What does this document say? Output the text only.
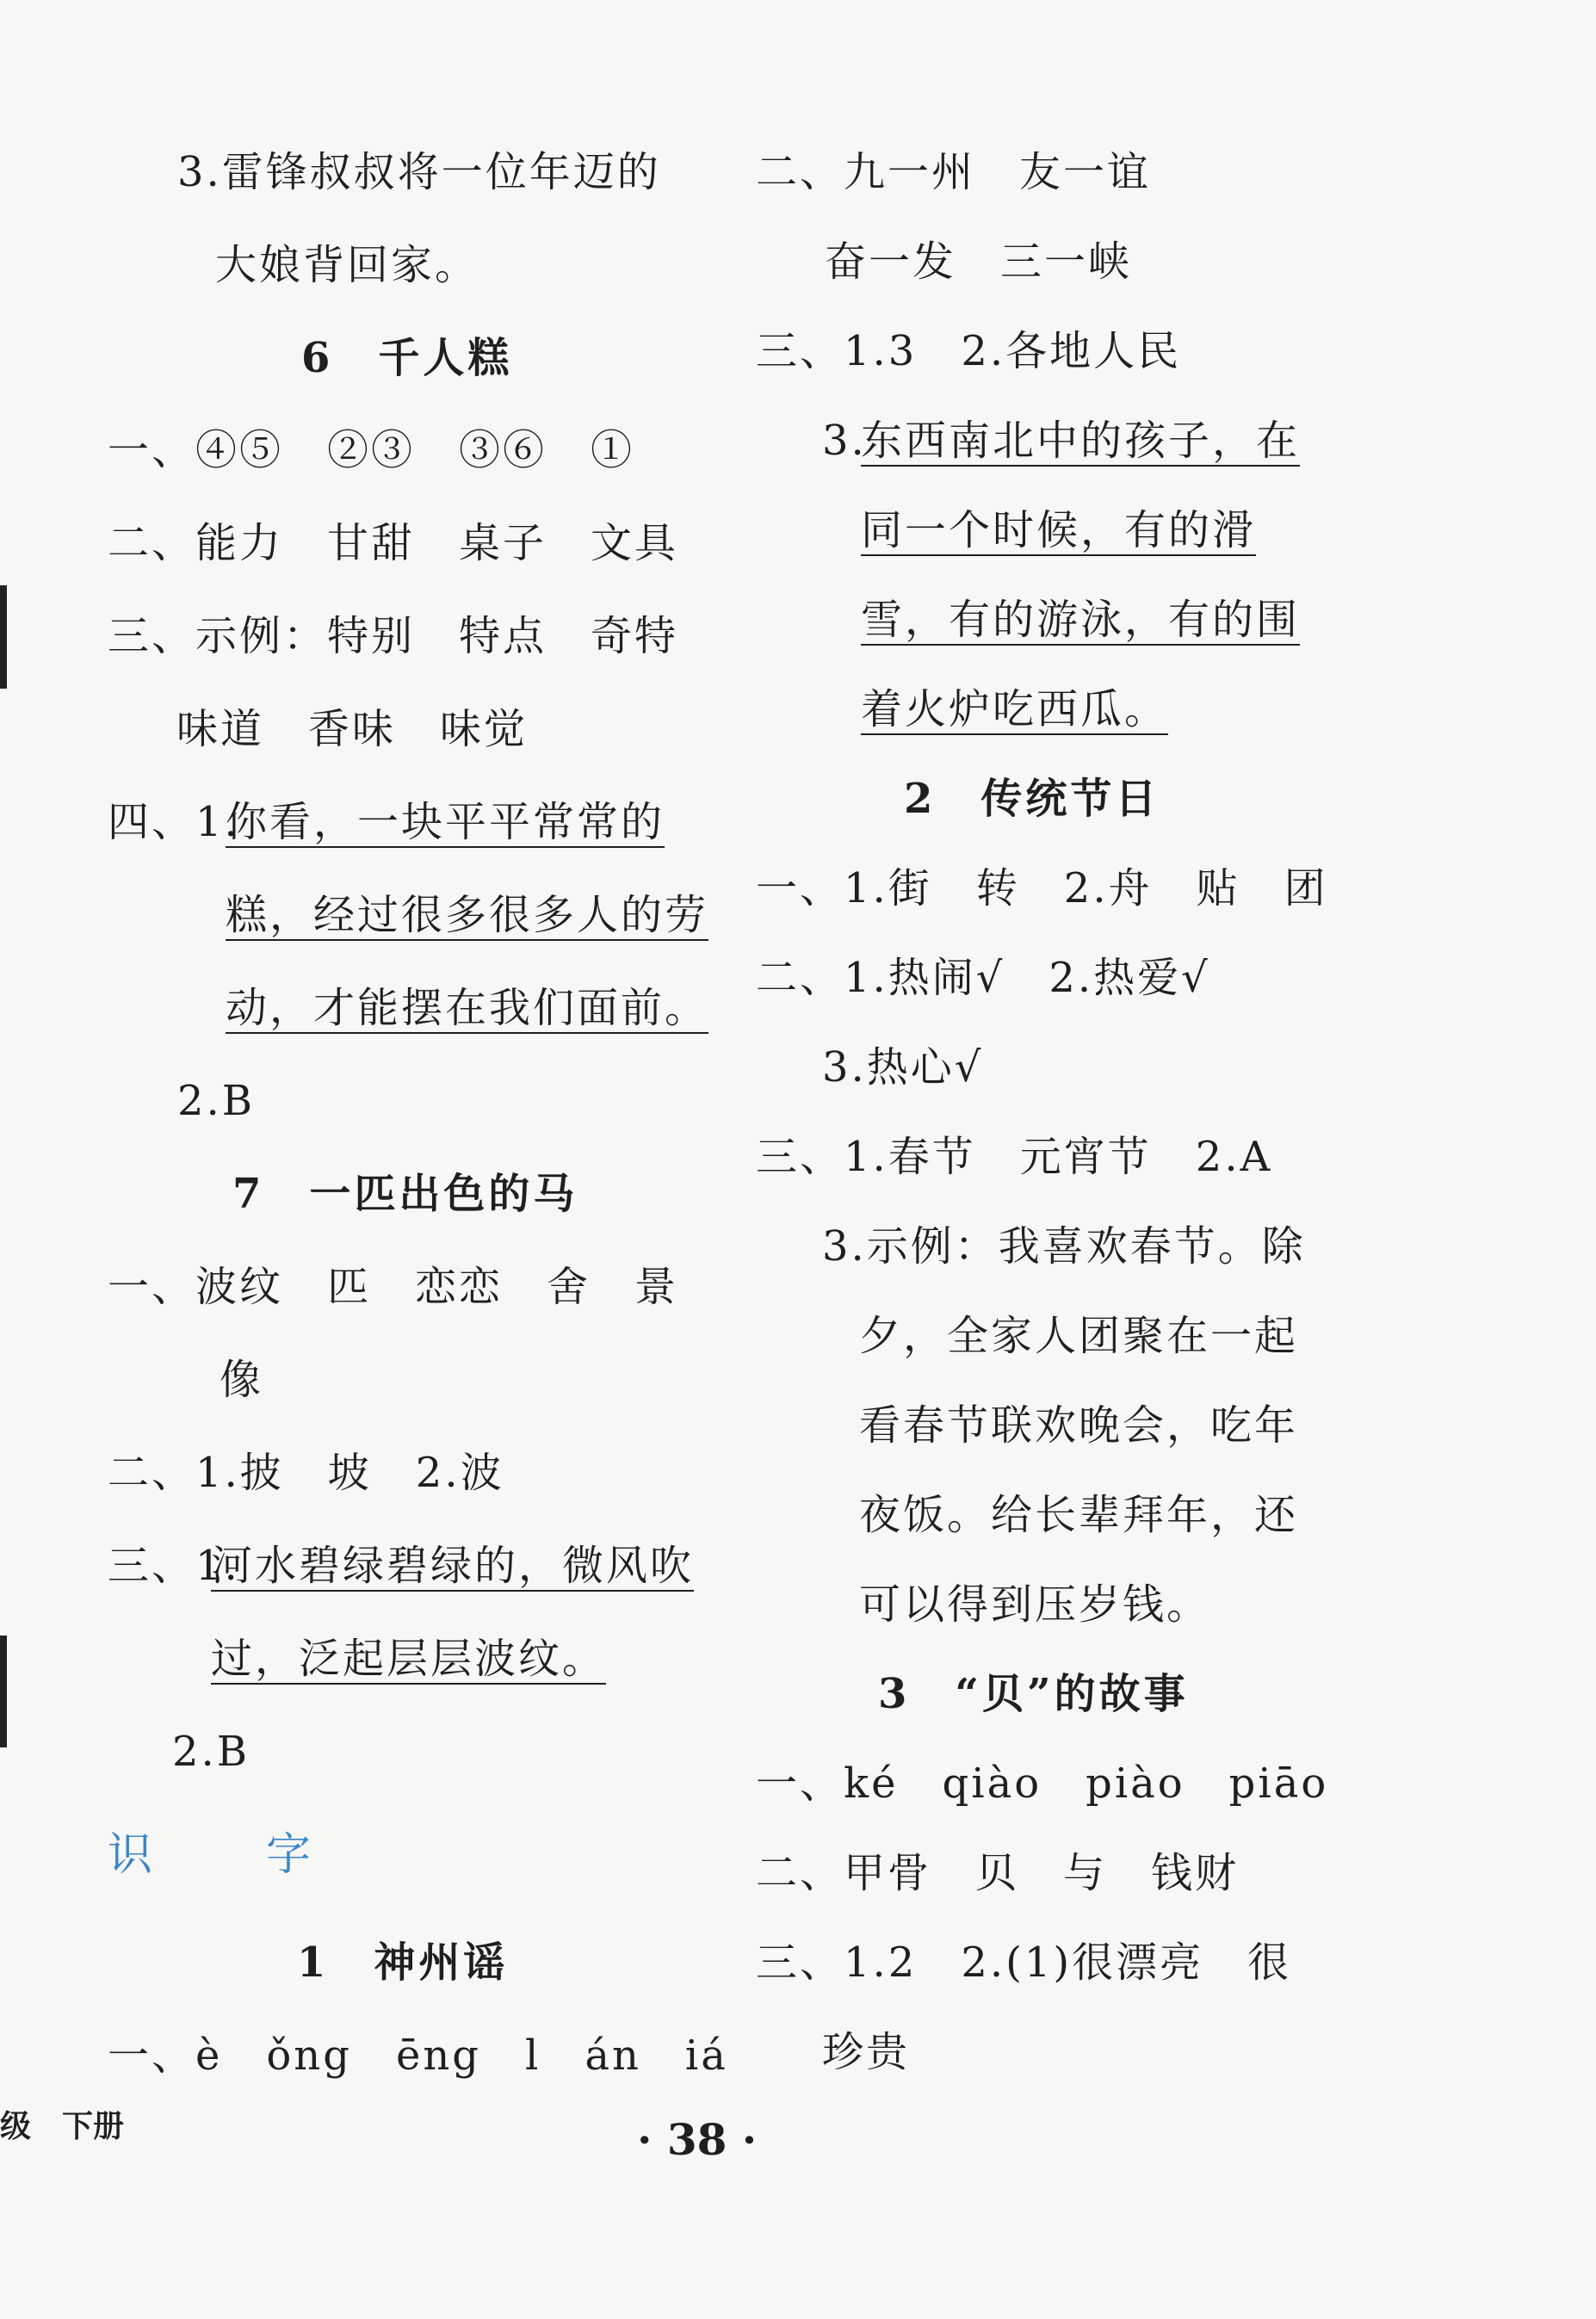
3.雷锋叔叔将一位年迈的
大娘背回家。
6　千人糕
一、④⑤　②③　③⑥　①
二、能力　甘甜　桌子　文具
三、示例：特别　特点　奇特
味道　香味　味觉
四、1.
你看，一块平平常常的
糕，经过很多很多人的劳
动，才能摆在我们面前。
2.B
7　一匹出色的马
一、波纹　匹　恋恋　舍　景
像
二、1.披　坡　2.波
三、1.
河水碧绿碧绿的，微风吹
过，泛起层层波纹。
2.B
识　字
1　神州谣
一、è　ǒng　ēng　l　án　iá
二、九一州　友一谊
奋一发　三一峡
三、1.3　2.各地人民
3.
东西南北中的孩子，在
同一个时候，有的滑
雪，有的游泳，有的围
着火炉吃西瓜。
2　传统节日
一、1.街　转　2.舟　贴　团
二、1.热闹√　2.热爱√
3.热心√
三、1.春节　元宵节　2.A
3.示例：我喜欢春节。除
夕，全家人团聚在一起
看春节联欢晚会，吃年
夜饭。给长辈拜年，还
可以得到压岁钱。
3　“贝”的故事
一、ké　qiào　piào　piāo
二、甲骨　贝　与　钱财
三、1.2　2.(1)很漂亮　很
珍贵
级　下册	· 38 ·
